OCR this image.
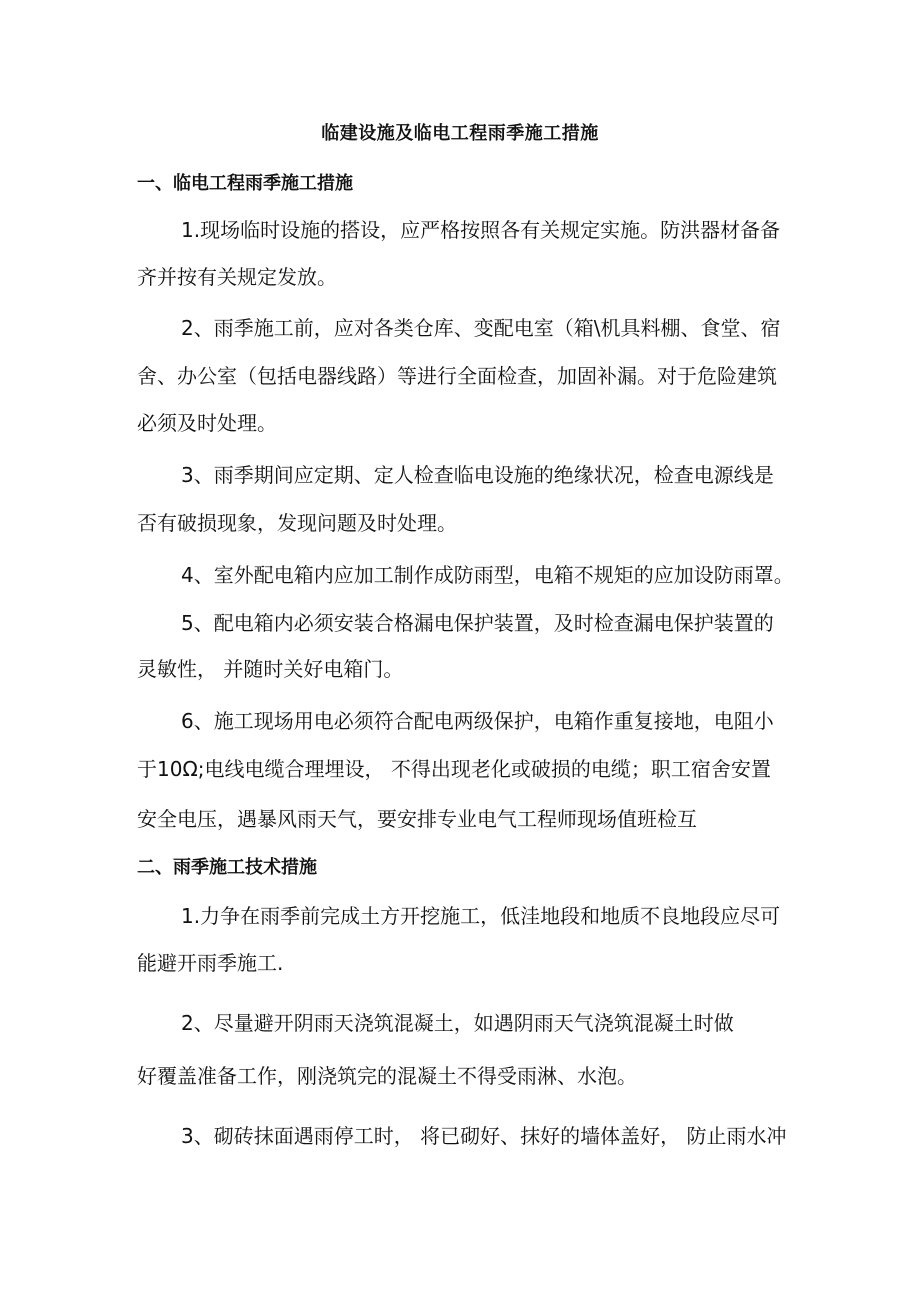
临建设施及临电工程雨季施工措施
一、临电工程雨季施工措施

1.现场临时设施的搭设，应严格按照各有关规定实施。防洪器材备备

齐并按有关规定发放。

2、雨季施工前，应对各类仓库、变配电室（箱\机具料棚、食堂、宿

舍、办公室（包括电器线路）等进行全面检查，加固补漏。对于危险建筑

必须及时处理。

3、雨季期间应定期、定人检查临电设施的绝缘状况，检查电源线是

否有破损现象，发现问题及时处理。

4、室外配电箱内应加工制作成防雨型，电箱不规矩的应加设防雨罩。

5、配电箱内必须安装合格漏电保护装置，及时检查漏电保护装置的

灵敏性， 并随时关好电箱门。

6、施工现场用电必须符合配电两级保护，电箱作重复接地，电阻小

于10Ω;电线电缆合理埋设， 不得出现老化或破损的电缆；职工宿舍安置

安全电压，遇暴风雨天气，要安排专业电气工程师现场值班检互

二、雨季施工技术措施

1.力争在雨季前完成土方开挖施工，低洼地段和地质不良地段应尽可

能避开雨季施工.

2、尽量避开阴雨天浇筑混凝土，如遇阴雨天气浇筑混凝土时做

好覆盖准备工作，刚浇筑完的混凝土不得受雨淋、水泡。

3、砌砖抹面遇雨停工时， 将已砌好、抹好的墙体盖好， 防止雨水冲
